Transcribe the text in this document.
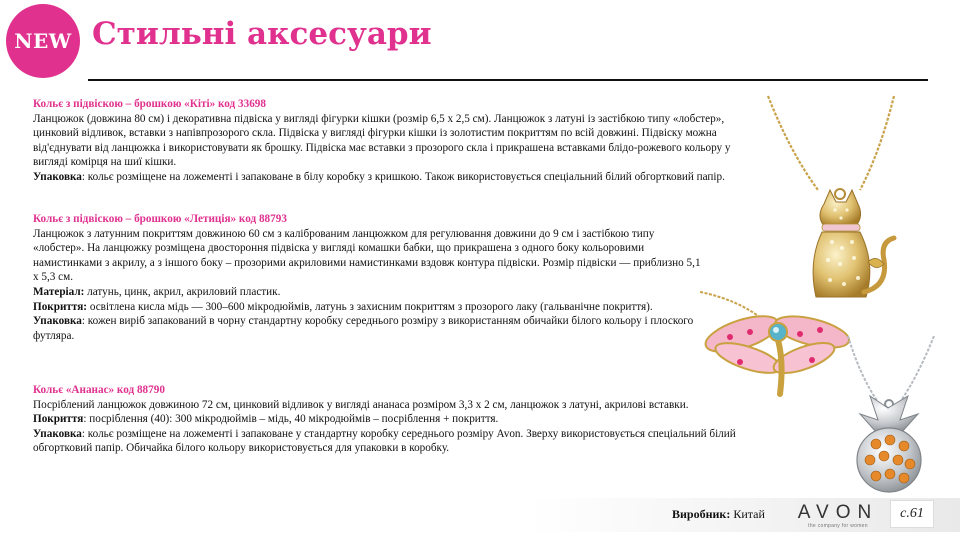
NEW Стильні аксесуари

Кольє з підвіскою – брошкою «Кіті» код 33698

Ланцюжок (довжина 80 см) і декоративна підвіска у вигляді фігурки кішки (розмір 6,5 х 2,5 см). Ланцюжок з латуні із застібкою типу «лобстер», цинковий відливок, вставки з напівпрозорого скла. Підвіска у вигляді фігурки кішки із золотистим покриттям по всій довжині. Підвіску можна від'єднувати від ланцюжка і використовувати як брошку. Підвіска має вставки з прозорого скла і прикрашена вставками блідо-рожевого кольору у вигляді комірця на шиї кішки.

Упаковка: кольє розміщене на ложементі і запаковане в білу коробку з кришкою. Також використовується спеціальний білий обгортковий папір.

Кольє з підвіскою – брошкою «Летиція» код 88793

Ланцюжок з латунним покриттям довжиною 60 см з каліброваним ланцюжком для регулювання довжини до 9 см і застібкою типу «лобстер». На ланцюжку розміщена двостороння підвіска у вигляді комашки бабки, що прикрашена з одного боку кольоровими намистинками з акрилу, а з іншого боку – прозорими акриловими намистинками вздовж контура підвіски. Розмір підвіски — приблизно 5,1 х 5,3 см.

Матеріал: латунь, цинк, акрил, акриловий пластик.

Покриття: освітлена кисла мідь — 300–600 мікродюймів, латунь з захисним покриттям з прозорого лаку (гальванічне покриття).

Упаковка: кожен виріб запакований в чорну стандартну коробку середнього розміру з використанням обичайки білого кольору і плоского футляра.

Кольє «Ананас» код 88790

Посріблений ланцюжок довжиною 72 см, цинковий відливок у вигляді ананаса розміром 3,3 х 2 см, ланцюжок з латуні, акрилові вставки.

Покриття: посріблення (40): 300 мікродюймів – мідь, 40 мікродюймів – посріблення + покриття.

Упаковка: кольє розміщене на ложементі і запаковане у стандартну коробку середнього розміру Avon. Зверху використовується спеціальний білий обгортковий папір. Обичайка білого кольору використовується для упаковки в коробку.

Виробник: Китай AVON
the company for women
с.61
